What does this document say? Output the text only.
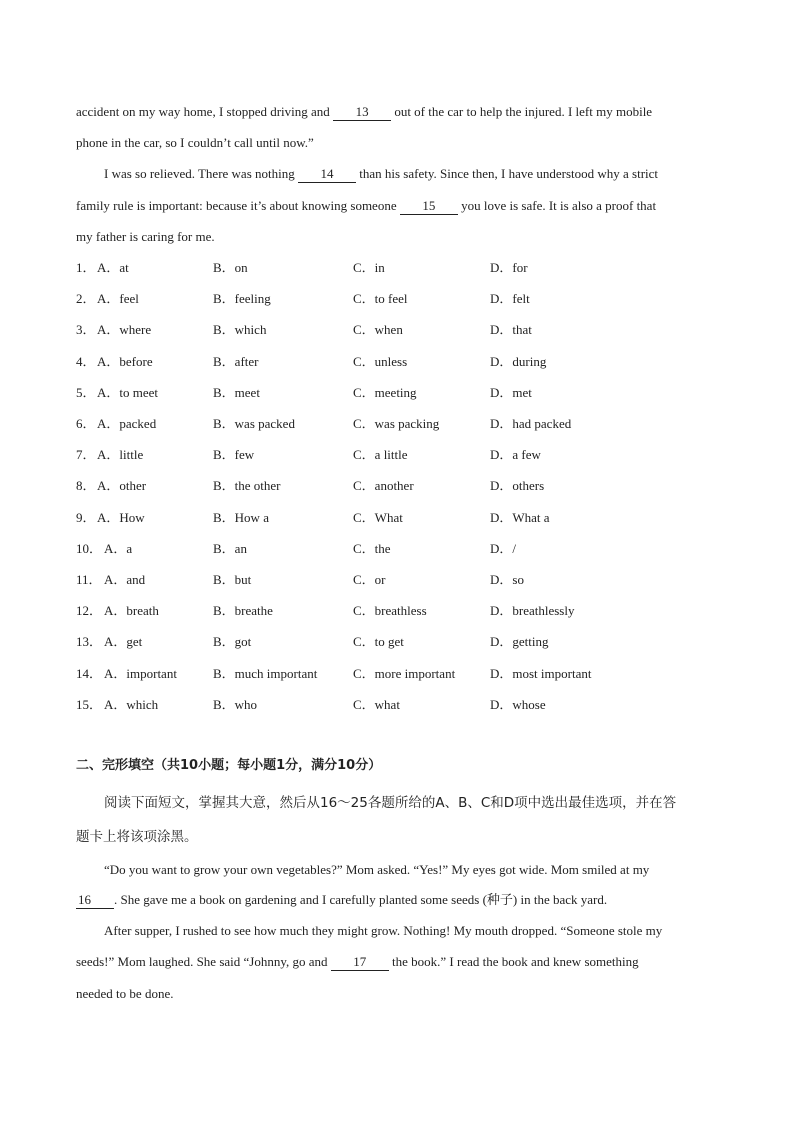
accident on my way home, I stopped driving and 13 out of the car to help the injured. I left my mobile
phone in the car, so I couldn’t call until now.”
I was so relieved. There was nothing 14 than his safety. Since then, I have understood why a strict
family rule is important: because it’s about knowing someone 15 you love is safe. It is also a proof that
my father is caring for me.
1． A．at	B．on	C．in	D．for
2． A．feel	B．feeling	C．to feel	D．felt
3． A．where	B．which	C．when	D．that
4． A．before	B．after	C．unless	D．during
5． A．to meet	B．meet	C．meeting	D．met
6． A．packed	B．was packed	C．was packing	D．had packed
7． A．little	B．few	C．a little	D．a few
8． A．other	B．the other	C．another	D．others
9． A．How	B．How a	C．What	D．What a
10． A．a	B．an	C．the	D．/
11． A．and	B．but	C．or	D．so
12． A．breath	B．breathe	C．breathless	D．breathlessly
13． A．get	B．got	C．to get	D．getting
14． A．important	B．much important	C．more important	D．most important
15． A．which	B．who	C．what	D．whose
二、完形填空（共10小题；每小题1分，满分10分）
阅读下面短文，掌握其大意，然后从16～25各题所给的A、B、C和D项中选出最佳选项，并在答
题卡上将该项涂黑。
“Do you want to grow your own vegetables?” Mom asked. “Yes!” My eyes got wide. Mom smiled at my
16 . She gave me a book on gardening and I carefully planted some seeds (种子) in the back yard.
After supper, I rushed to see how much they might grow. Nothing! My mouth dropped. “Someone stole my
seeds!” Mom laughed. She said “Johnny, go and 17 the book.” I read the book and knew something
needed to be done.
